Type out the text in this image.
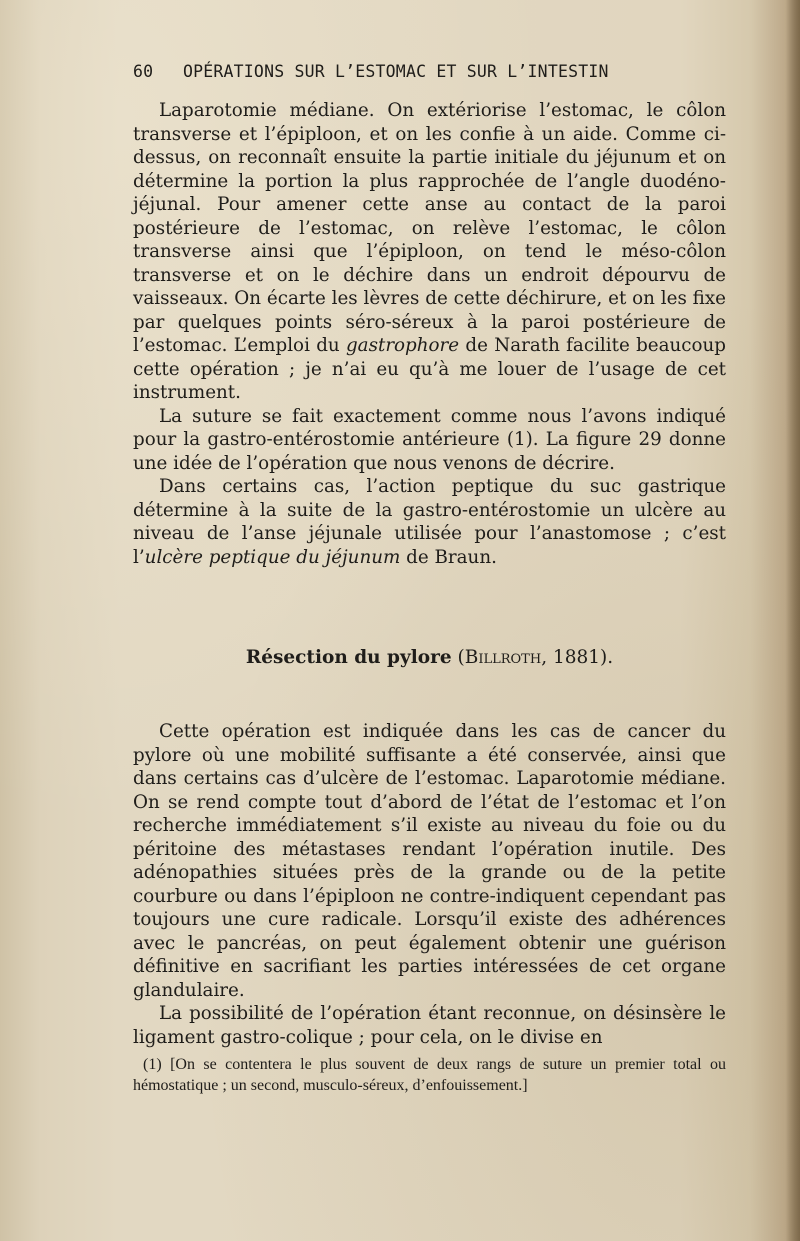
60 OPÉRATIONS SUR L’ESTOMAC ET SUR L’INTESTIN

Laparotomie médiane. On extériorise l’estomac, le côlon transverse et l’épiploon, et on les confie à un aide. Comme ci-dessus, on reconnaît ensuite la partie initiale du jéjunum et on détermine la portion la plus rapprochée de l’angle duodéno-jéjunal. Pour amener cette anse au contact de la paroi postérieure de l’estomac, on relève l’estomac, le côlon transverse ainsi que l’épiploon, on tend le méso-côlon transverse et on le déchire dans un endroit dépourvu de vaisseaux. On écarte les lèvres de cette déchirure, et on les fixe par quelques points séro-séreux à la paroi postérieure de l’estomac. L’emploi du gastrophore de Narath facilite beaucoup cette opération ; je n’ai eu qu’à me louer de l’usage de cet instrument.

La suture se fait exactement comme nous l’avons indiqué pour la gastro-entérostomie antérieure (1). La figure 29 donne une idée de l’opération que nous venons de décrire.

Dans certains cas, l’action peptique du suc gastrique détermine à la suite de la gastro-entérostomie un ulcère au niveau de l’anse jéjunale utilisée pour l’anastomose ; c’est l’ulcère peptique du jéjunum de Braun.

Résection du pylore (Billroth, 1881).

Cette opération est indiquée dans les cas de cancer du pylore où une mobilité suffisante a été conservée, ainsi que dans certains cas d’ulcère de l’estomac. Laparotomie médiane. On se rend compte tout d’abord de l’état de l’estomac et l’on recherche immédiatement s’il existe au niveau du foie ou du péritoine des métastases rendant l’opération inutile. Des adénopathies situées près de la grande ou de la petite courbure ou dans l’épiploon ne contre-indiquent cependant pas toujours une cure radicale. Lorsqu’il existe des adhérences avec le pancréas, on peut également obtenir une guérison définitive en sacrifiant les parties intéressées de cet organe glandulaire.

La possibilité de l’opération étant reconnue, on désinsère le ligament gastro-colique ; pour cela, on le divise en

(1) [On se contentera le plus souvent de deux rangs de suture un premier total ou hémostatique ; un second, musculo-séreux, d’enfouissement.]
